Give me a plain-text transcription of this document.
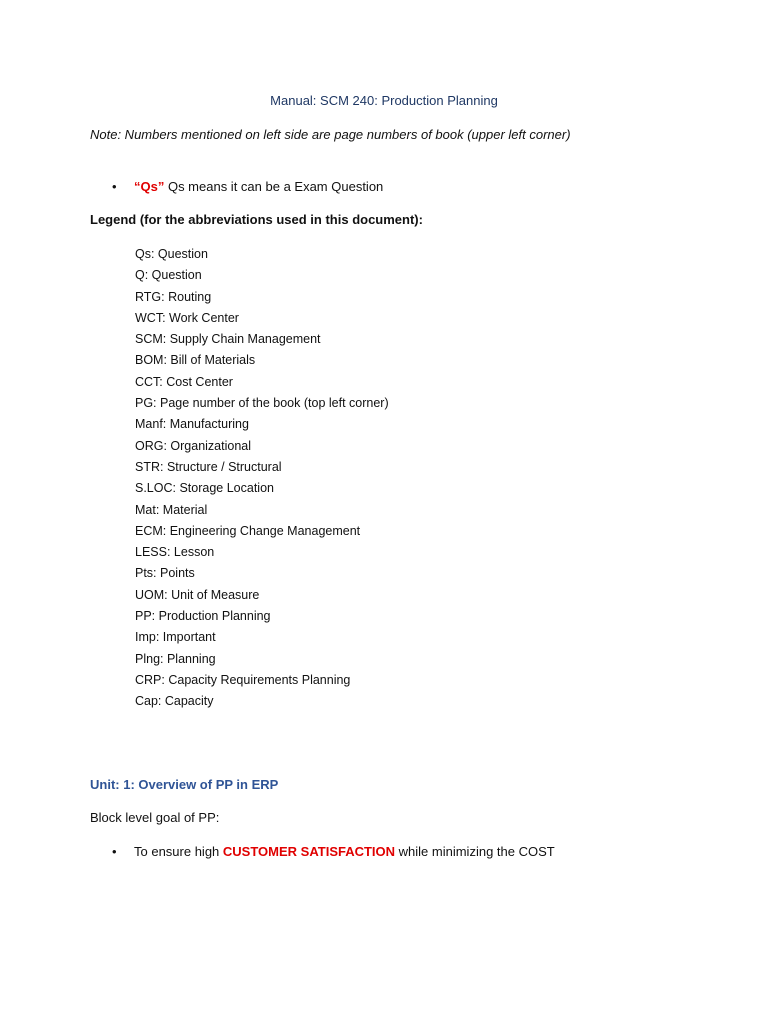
Manual: SCM 240: Production Planning
Note: Numbers mentioned on left side are page numbers of book (upper left corner)
• “Qs” Qs means it can be a Exam Question
Legend (for the abbreviations used in this document):
Qs: Question
Q: Question
RTG: Routing
WCT: Work Center
SCM: Supply Chain Management
BOM: Bill of Materials
CCT: Cost Center
PG: Page number of the book (top left corner)
Manf: Manufacturing
ORG: Organizational
STR: Structure / Structural
S.LOC: Storage Location
Mat: Material
ECM: Engineering Change Management
LESS: Lesson
Pts: Points
UOM: Unit of Measure
PP: Production Planning
Imp: Important
Plng: Planning
CRP: Capacity Requirements Planning
Cap: Capacity
Unit: 1: Overview of PP in ERP
Block level goal of PP:
• To ensure high CUSTOMER SATISFACTION while minimizing the COST
